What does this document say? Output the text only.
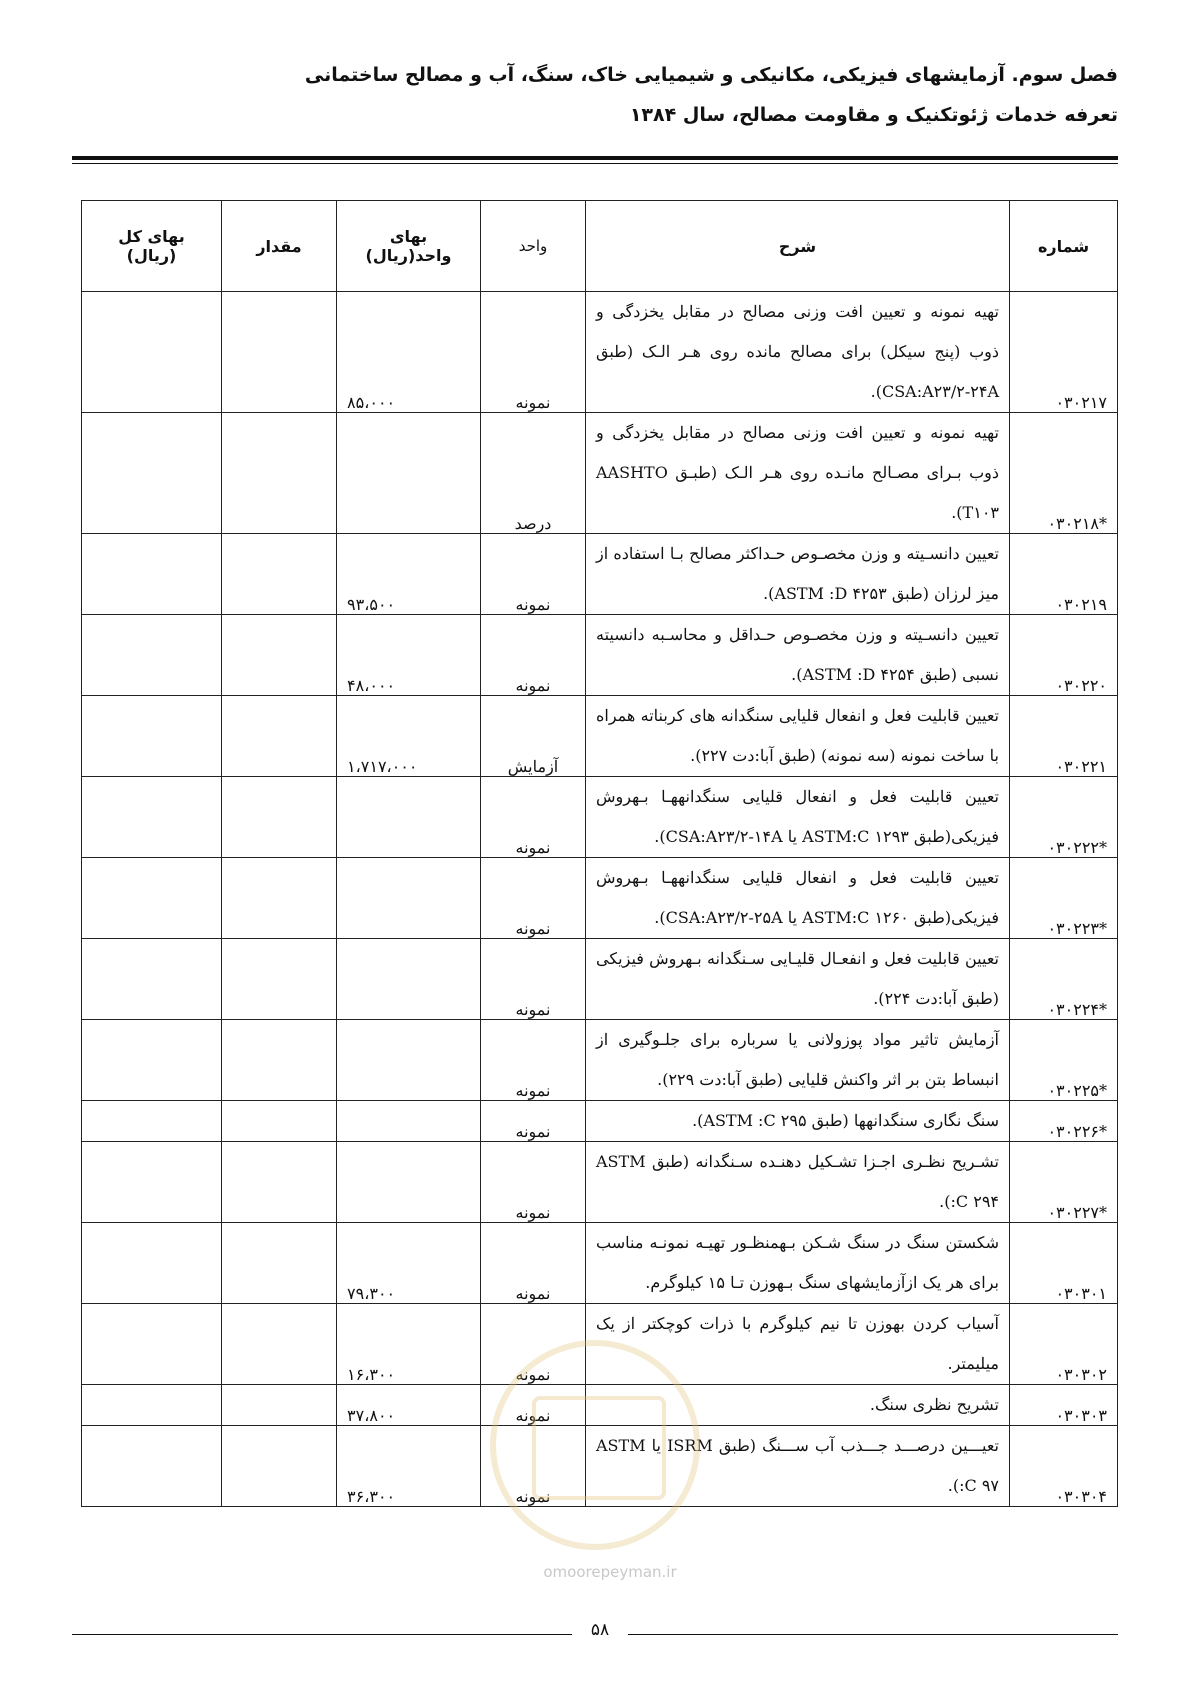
فصل سوم. آزمایشهای فیزیکی، مکانیکی و شیمیایی خاک، سنگ، آب و مصالح ساختمانی
تعرفه خدمات ژئوتکنیک و مقاومت مصالح، سال ۱۳۸۴
شماره	شرح	واحد	بهای واحد(ریال)	مقدار	بهای کل (ریال)
۰۳۰۲۱۷	تهیه نمونه و تعیین افت وزنی مصالح در مقابل یخزدگی و ذوب (پنج سیکل) برای مصالح مانده روی هـر الـک (طبق CSA:A۲۳/۲-۲۴A).	نمونه	۸۵،۰۰۰		
*۰۳۰۲۱۸	تهیه نمونه و تعیین افت وزنی مصالح در مقابل یخزدگی و ذوب بـرای مصـالح مانـده روی هـر الـک (طبـق AASHTO T۱۰۳).	درصد			
۰۳۰۲۱۹	تعیین دانسـیته و وزن مخصـوص حـداکثر مصالح بـا استفاده از میز لرزان (طبق ASTM :D ۴۲۵۳).	نمونه	۹۳،۵۰۰		
۰۳۰۲۲۰	تعیین دانسـیته و وزن مخصـوص حـداقل و محاسـبه دانسیته نسبی (طبق ASTM :D ۴۲۵۴).	نمونه	۴۸،۰۰۰		
۰۳۰۲۲۱	تعیین قابلیت فعل و انفعال قلیایی سنگدانه های کربناته همراه با ساخت نمونه (سه نمونه) (طبق آبا:دت ۲۲۷).	آزمایش	۱،۷۱۷،۰۰۰		
*۰۳۰۲۲۲	تعیین قابلیت فعل و انفعال قلیایی سنگدانههـا بـهروش فیزیکی(طبق ASTM:C ۱۲۹۳ یا CSA:A۲۳/۲-۱۴A).	نمونه			
*۰۳۰۲۲۳	تعیین قابلیت فعل و انفعال قلیایی سنگدانههـا بـهروش فیزیکی(طبق ASTM:C ۱۲۶۰ یا CSA:A۲۳/۲-۲۵A).	نمونه			
*۰۳۰۲۲۴	تعیین قابلیت فعل و انفعـال قلیـایی سـنگدانه بـهروش فیزیکی (طبق آبا:دت ۲۲۴).	نمونه			
*۰۳۰۲۲۵	آزمایش تاثیر مواد پوزولانی یا سرباره برای جلـوگیری از انبساط بتن بر اثر واکنش قلیایی (طبق آبا:دت ۲۲۹).	نمونه			
*۰۳۰۲۲۶	سنگ نگاری سنگدانهها (طبق ASTM :C ۲۹۵).	نمونه			
*۰۳۰۲۲۷	تشـریح نظـری اجـزا تشـکیل دهنـده سـنگدانه (طبق ASTM :C ۲۹۴).	نمونه			
۰۳۰۳۰۱	شکستن سنگ در سنگ شـکن بـهمنظـور تهیـه نمونـه مناسب برای هر یک ازآزمایشهای سنگ بـهوزن تـا ۱۵ کیلوگرم.	نمونه	۷۹،۳۰۰		
۰۳۰۳۰۲	آسیاب کردن بهوزن تا نیم کیلوگرم با ذرات کوچکتر از یک میلیمتر.	نمونه	۱۶،۳۰۰		
۰۳۰۳۰۳	تشریح نظری سنگ.	نمونه	۳۷،۸۰۰		
۰۳۰۳۰۴	تعیـــین درصـــد جـــذب آب ســـنگ (طبق ISRM یا ASTM :C ۹۷).	نمونه	۳۶،۳۰۰		
omoorepeyman.ir
۵۸
